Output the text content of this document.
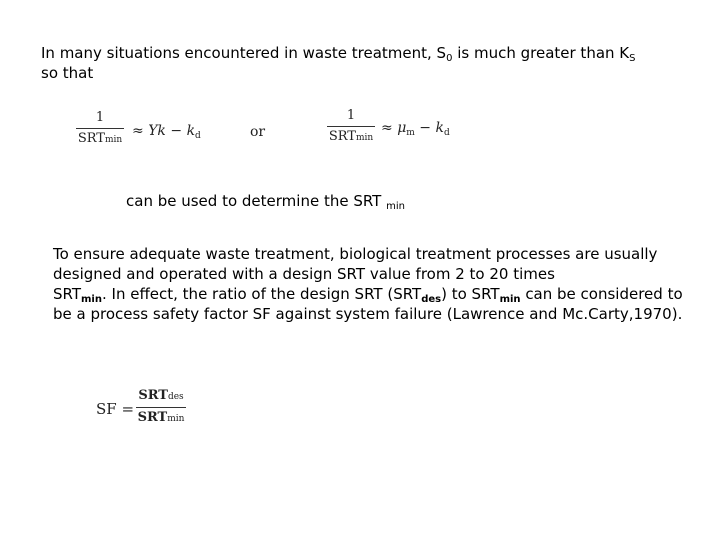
In many situations encountered in waste treatment, $S_0$ is much greater than $K_S$
so that
1
SRTmin
≈ $Yk - k_d$	or
1
SRTmin
≈ $\mu_m - k_d$
can be used to determine the SRT $_{min}$
To ensure adequate waste treatment, biological treatment processes are usually
designed and operated with a design SRT value from 2 to 20 times
$SRT_{min}$. In effect, the ratio of the design SRT $(SRT_{des})$ to $SRT_{min}$ can be considered to
be a process safety factor SF against system failure (Lawrence and Mc.Carty,1970).
SF =
SRTdes
SRTmin
